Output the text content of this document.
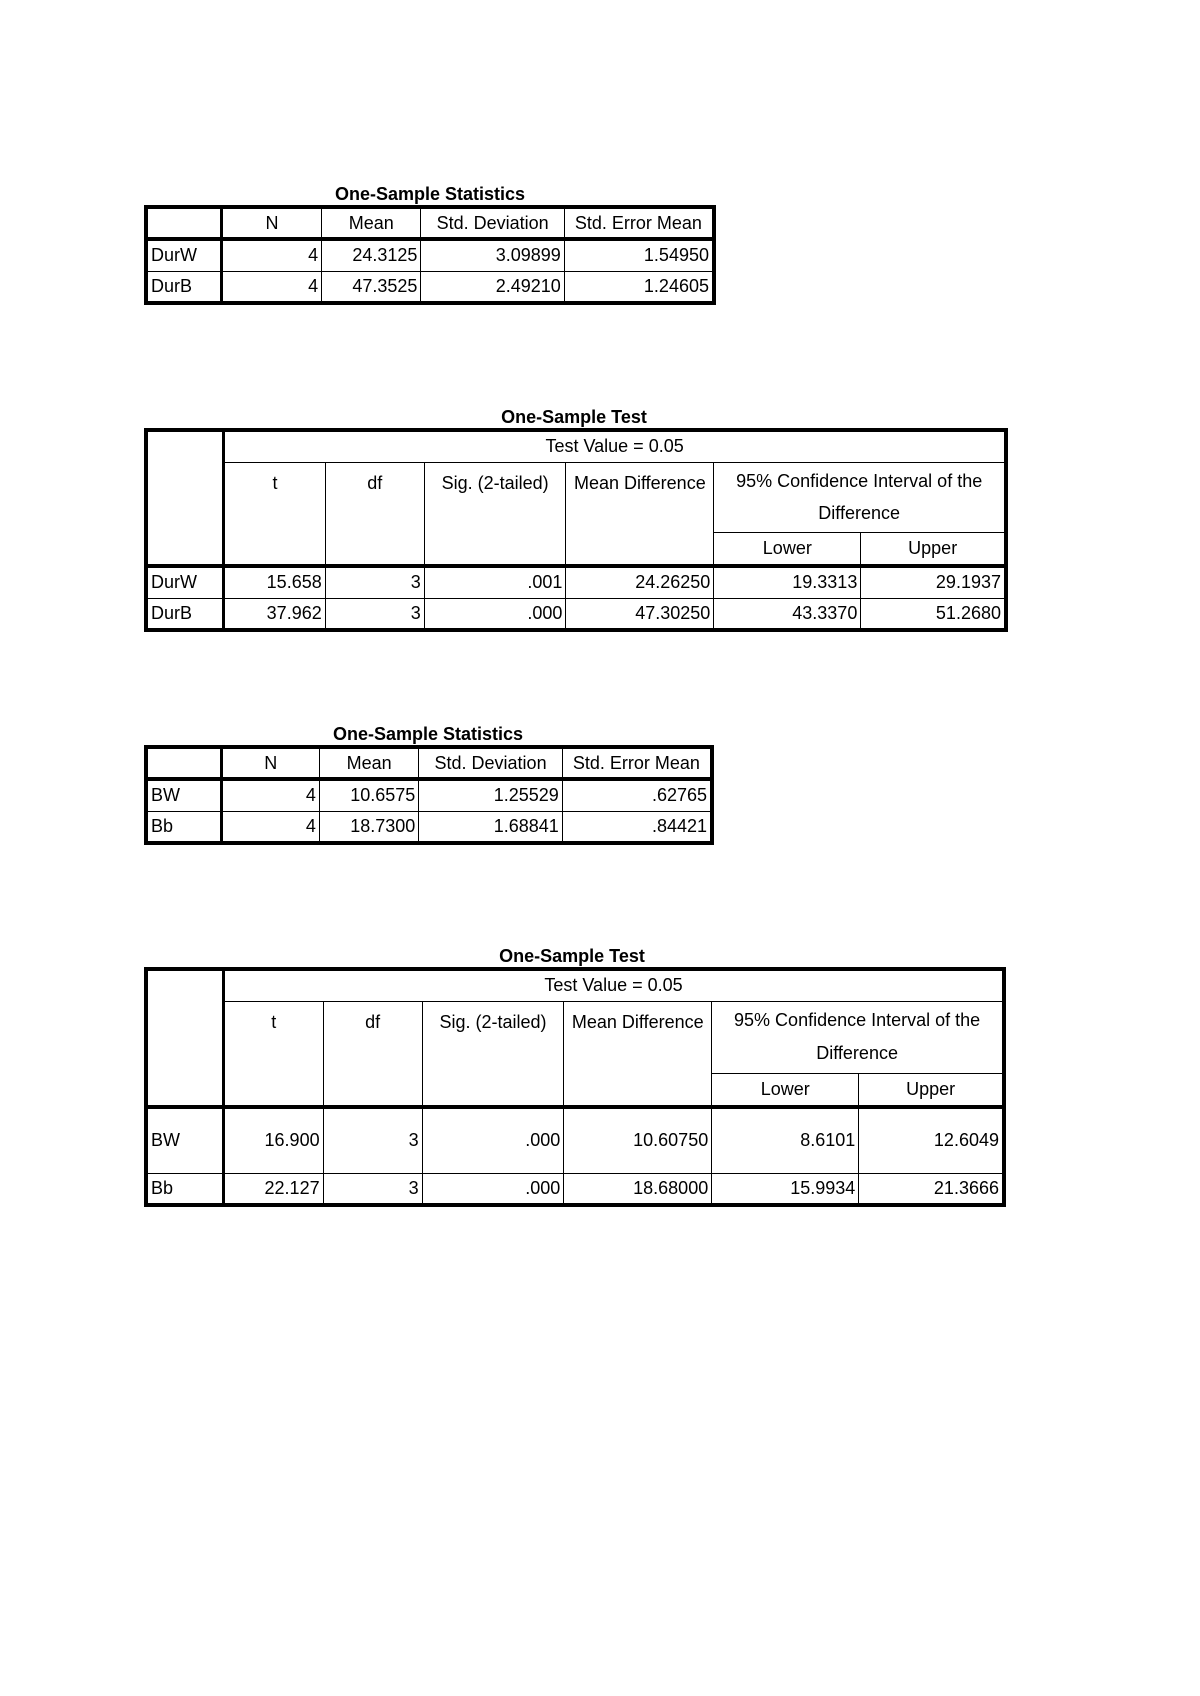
One-Sample Statistics
	N	Mean	Std. Deviation	Std. Error Mean
DurW	4	24.3125	3.09899	1.54950
DurB	4	47.3525	2.49210	1.24605
One-Sample Test
	Test Value = 0.05					
	t	df	Sig. (2-tailed)	Mean Difference	95% Confidence Interval of the Difference	
					Lower	Upper
DurW	15.658	3	.001	24.26250	19.3313	29.1937
DurB	37.962	3	.000	47.30250	43.3370	51.2680
One-Sample Statistics
	N	Mean	Std. Deviation	Std. Error Mean
BW	4	10.6575	1.25529	.62765
Bb	4	18.7300	1.68841	.84421
One-Sample Test
	Test Value = 0.05					
	t	df	Sig. (2-tailed)	Mean Difference	95% Confidence Interval of the Difference	
					Lower	Upper
BW	16.900	3	.000	10.60750	8.6101	12.6049
Bb	22.127	3	.000	18.68000	15.9934	21.3666
